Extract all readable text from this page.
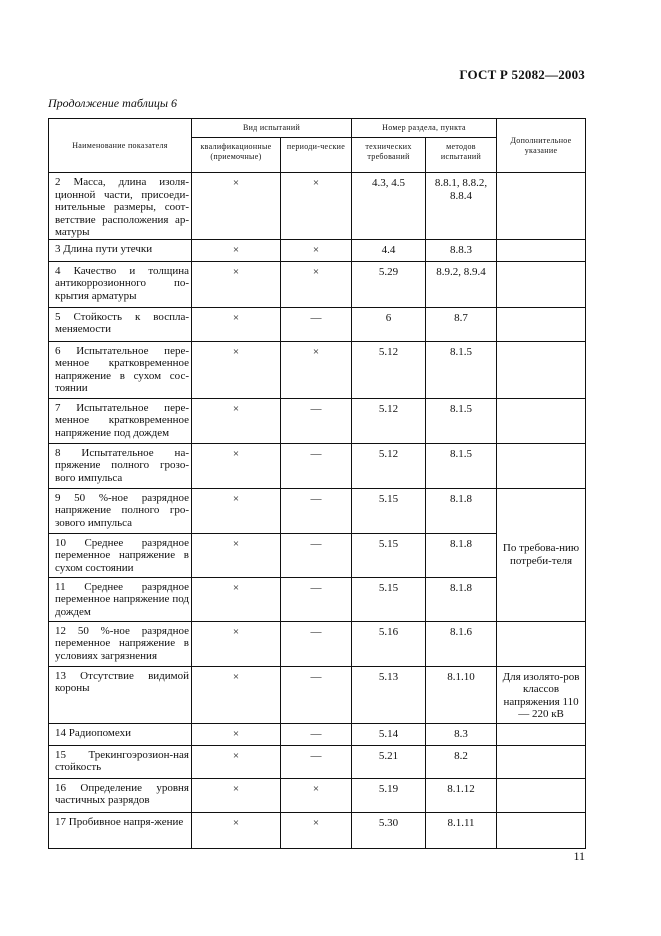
ГОСТ Р 52082—2003
Продолжение таблицы 6
Наименование показателя	Вид испытаний		Номер раздела, пункта		Дополнительное указание
	квалификационные (приемочные)	периоди-ческие	технических требований	методов испытаний	
2 Масса, длина изоля-ционной части, присоеди-нительные размеры, соот-ветствие расположения ар-матуры	×	×	4.3, 4.5	8.8.1, 8.8.2, 8.8.4	
3 Длина пути утечки	×	×	4.4	8.8.3	
4 Качество и толщина антикоррозионного по-крытия арматуры	×	×	5.29	8.9.2, 8.9.4	
5 Стойкость к воспла-меняемости	×	—	6	8.7	
6 Испытательное пере-менное кратковременное напряжение в сухом сос-тоянии	×	×	5.12	8.1.5	
7 Испытательное пере-менное кратковременное напряжение под дождем	×	—	5.12	8.1.5	
8 Испытательное на-пряжение полного грозо-вого импульса	×	—	5.12	8.1.5	
9 50 %-ное разрядное напряжение полного гро-зового импульса	×	—	5.15	8.1.8	По требова-нию потреби-теля
10 Среднее разрядное переменное напряжение в сухом состоянии	×	—	5.15	8.1.8	
11 Среднее разрядное переменное напряжение под дождем	×	—	5.15	8.1.8	
12 50 %-ное разрядное переменное напряжение в условиях загрязнения	×	—	5.16	8.1.6	
13 Отсутствие видимой короны	×	—	5.13	8.1.10	Для изолято-ров классов напряжения 110— 220 кВ
14 Радиопомехи	×	—	5.14	8.3	
15 Трекингоэрозион-ная стойкость	×	—	5.21	8.2	
16 Определение уровня частичных разрядов	×	×	5.19	8.1.12	
17 Пробивное напря-жение	×	×	5.30	8.1.11	
11
